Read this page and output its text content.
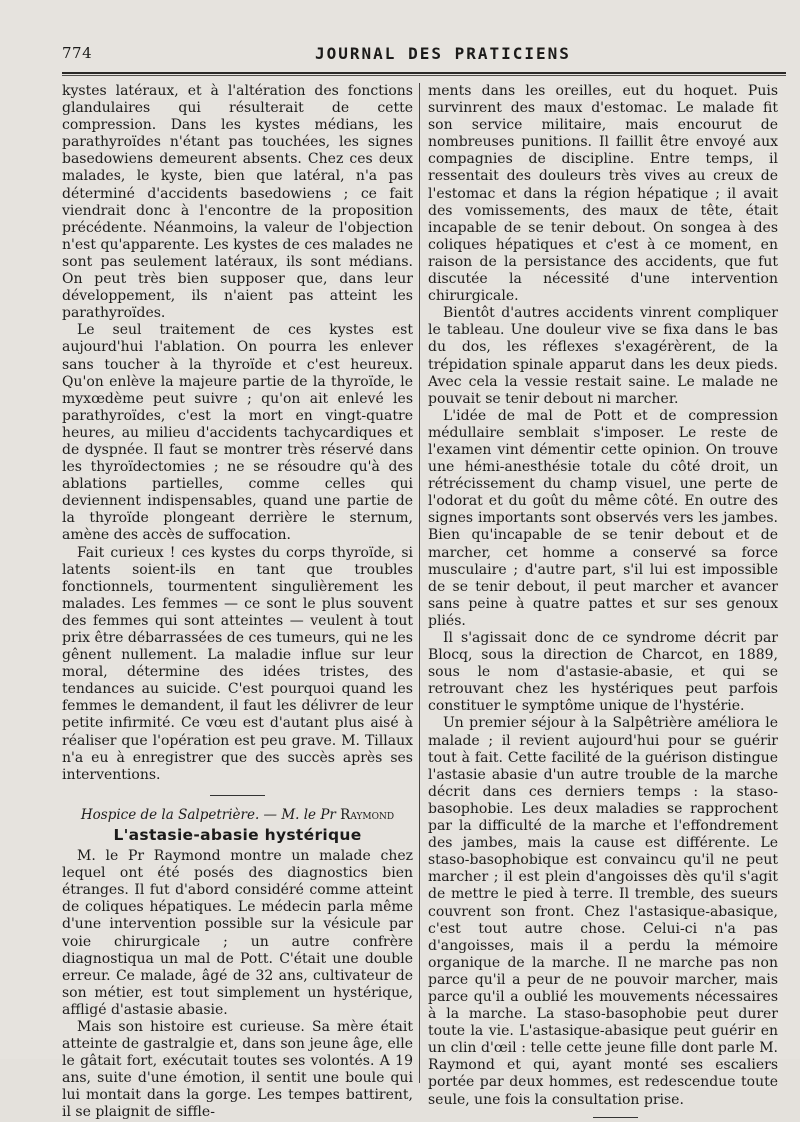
774	JOURNAL DES PRATICIENS

kystes latéraux, et à l'altération des fonctions glandulaires qui résulterait de cette compression. Dans les kystes médians, les parathyroïdes n'étant pas touchées, les signes basedowiens demeurent absents. Chez ces deux malades, le kyste, bien que latéral, n'a pas déterminé d'accidents basedowiens ; ce fait viendrait donc à l'encontre de la proposition précédente. Néanmoins, la valeur de l'objection n'est qu'apparente. Les kystes de ces malades ne sont pas seulement latéraux, ils sont médians. On peut très bien supposer que, dans leur développement, ils n'aient pas atteint les parathyroïdes.

Le seul traitement de ces kystes est aujourd'hui l'ablation. On pourra les enlever sans toucher à la thyroïde et c'est heureux. Qu'on enlève la majeure partie de la thyroïde, le myxœdème peut suivre ; qu'on ait enlevé les parathyroïdes, c'est la mort en vingt-quatre heures, au milieu d'accidents tachycardiques et de dyspnée. Il faut se montrer très réservé dans les thyroïdectomies ; ne se résoudre qu'à des ablations partielles, comme celles qui deviennent indispensables, quand une partie de la thyroïde plongeant derrière le sternum, amène des accès de suffocation.

Fait curieux ! ces kystes du corps thyroïde, si latents soient-ils en tant que troubles fonctionnels, tourmentent singulièrement les malades. Les femmes — ce sont le plus souvent des femmes qui sont atteintes — veulent à tout prix être débarrassées de ces tumeurs, qui ne les gênent nullement. La maladie influe sur leur moral, détermine des idées tristes, des tendances au suicide. C'est pourquoi quand les femmes le demandent, il faut les délivrer de leur petite infirmité. Ce vœu est d'autant plus aisé à réaliser que l'opération est peu grave. M. Tillaux n'a eu à enregistrer que des succès après ses interventions.

Hospice de la Salpetrière. — M. le Pr Raymond

L'astasie-abasie hystérique

M. le Pr Raymond montre un malade chez lequel ont été posés des diagnostics bien étranges. Il fut d'abord considéré comme atteint de coliques hépatiques. Le médecin parla même d'une intervention possible sur la vésicule par voie chirurgicale ; un autre confrère diagnostiqua un mal de Pott. C'était une double erreur. Ce malade, âgé de 32 ans, cultivateur de son métier, est tout simplement un hystérique, affligé d'astasie abasie.

Mais son histoire est curieuse. Sa mère était atteinte de gastralgie et, dans son jeune âge, elle le gâtait fort, exécutait toutes ses volontés. A 19 ans, suite d'une émotion, il sentit une boule qui lui montait dans la gorge. Les tempes battirent, il se plaignit de siffle-

ments dans les oreilles, eut du hoquet. Puis survinrent des maux d'estomac. Le malade fit son service militaire, mais encourut de nombreuses punitions. Il faillit être envoyé aux compagnies de discipline. Entre temps, il ressentait des douleurs très vives au creux de l'estomac et dans la région hépatique ; il avait des vomissements, des maux de tête, était incapable de se tenir debout. On songea à des coliques hépatiques et c'est à ce moment, en raison de la persistance des accidents, que fut discutée la nécessité d'une intervention chirurgicale.

Bientôt d'autres accidents vinrent compliquer le tableau. Une douleur vive se fixa dans le bas du dos, les réflexes s'exagérèrent, de la trépidation spinale apparut dans les deux pieds. Avec cela la vessie restait saine. Le malade ne pouvait se tenir debout ni marcher.

L'idée de mal de Pott et de compression médullaire semblait s'imposer. Le reste de l'examen vint démentir cette opinion. On trouve une hémi-anesthésie totale du côté droit, un rétrécissement du champ visuel, une perte de l'odorat et du goût du même côté. En outre des signes importants sont observés vers les jambes. Bien qu'incapable de se tenir debout et de marcher, cet homme a conservé sa force musculaire ; d'autre part, s'il lui est impossible de se tenir debout, il peut marcher et avancer sans peine à quatre pattes et sur ses genoux pliés.

Il s'agissait donc de ce syndrome décrit par Blocq, sous la direction de Charcot, en 1889, sous le nom d'astasie-abasie, et qui se retrouvant chez les hystériques peut parfois constituer le symptôme unique de l'hystérie.

Un premier séjour à la Salpêtrière améliora le malade ; il revient aujourd'hui pour se guérir tout à fait. Cette facilité de la guérison distingue l'astasie abasie d'un autre trouble de la marche décrit dans ces derniers temps : la staso-basophobie. Les deux maladies se rapprochent par la difficulté de la marche et l'effondrement des jambes, mais la cause est différente. Le staso-basophobique est convaincu qu'il ne peut marcher ; il est plein d'angoisses dès qu'il s'agit de mettre le pied à terre. Il tremble, des sueurs couvrent son front. Chez l'astasique-abasique, c'est tout autre chose. Celui-ci n'a pas d'angoisses, mais il a perdu la mémoire organique de la marche. Il ne marche pas non parce qu'il a peur de ne pouvoir marcher, mais parce qu'il a oublié les mouvements nécessaires à la marche. La staso-basophobie peut durer toute la vie. L'astasique-abasique peut guérir en un clin d'œil : telle cette jeune fille dont parle M. Raymond et qui, ayant monté ses escaliers portée par deux hommes, est redescendue toute seule, une fois la consultation prise.
